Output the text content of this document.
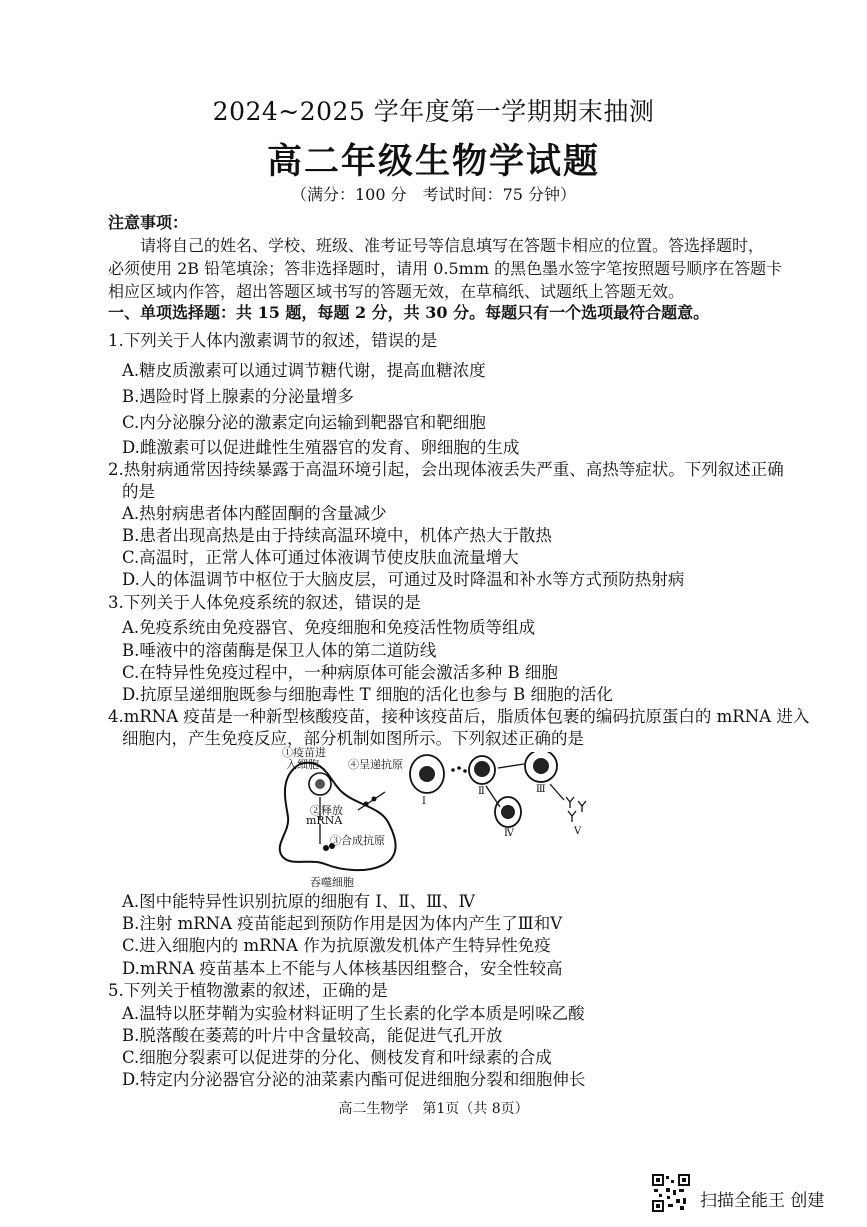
2024~2025 学年度第一学期期末抽测
高二年级生物学试题
（满分：100 分　考试时间：75 分钟）
注意事项：
请将自己的姓名、学校、班级、准考证号等信息填写在答题卡相应的位置。答选择题时，
必须使用 2B 铅笔填涂；答非选择题时，请用 0.5mm 的黑色墨水签字笔按照题号顺序在答题卡
相应区域内作答，超出答题区域书写的答题无效，在草稿纸、试题纸上答题无效。
一、单项选择题：共 15 题，每题 2 分，共 30 分。每题只有一个选项最符合题意。
1.下列关于人体内激素调节的叙述，错误的是
A.糖皮质激素可以通过调节糖代谢，提高血糖浓度
B.遇险时肾上腺素的分泌量增多
C.内分泌腺分泌的激素定向运输到靶器官和靶细胞
D.雌激素可以促进雌性生殖器官的发育、卵细胞的生成
2.热射病通常因持续暴露于高温环境引起，会出现体液丢失严重、高热等症状。下列叙述正确
的是
A.热射病患者体内醛固酮的含量减少
B.患者出现高热是由于持续高温环境中，机体产热大于散热
C.高温时，正常人体可通过体液调节使皮肤血流量增大
D.人的体温调节中枢位于大脑皮层，可通过及时降温和补水等方式预防热射病
3.下列关于人体免疫系统的叙述，错误的是
A.免疫系统由免疫器官、免疫细胞和免疫活性物质等组成
B.唾液中的溶菌酶是保卫人体的第二道防线
C.在特异性免疫过程中，一种病原体可能会激活多种 B 细胞
D.抗原呈递细胞既参与细胞毒性 T 细胞的活化也参与 B 细胞的活化
4.mRNA 疫苗是一种新型核酸疫苗，接种该疫苗后，脂质体包裹的编码抗原蛋白的 mRNA 进入
细胞内，产生免疫反应，部分机制如图所示。下列叙述正确的是
①疫苗进
入细胞
②释放
mRNA
③合成抗原
④呈递抗原
吞噬细胞
Ⅰ
Ⅱ	Ⅲ
Ⅳ	Ⅴ
A.图中能特异性识别抗原的细胞有 Ⅰ、Ⅱ、Ⅲ、Ⅳ
B.注射 mRNA 疫苗能起到预防作用是因为体内产生了Ⅲ和Ⅴ
C.进入细胞内的 mRNA 作为抗原激发机体产生特异性免疫
D.mRNA 疫苗基本上不能与人体核基因组整合，安全性较高
5.下列关于植物激素的叙述，正确的是
A.温特以胚芽鞘为实验材料证明了生长素的化学本质是吲哚乙酸
B.脱落酸在萎蔫的叶片中含量较高，能促进气孔开放
C.细胞分裂素可以促进芽的分化、侧枝发育和叶绿素的合成
D.特定内分泌器官分泌的油菜素内酯可促进细胞分裂和细胞伸长
高二生物学　第1页（共 8页）
扫描全能王 创建
